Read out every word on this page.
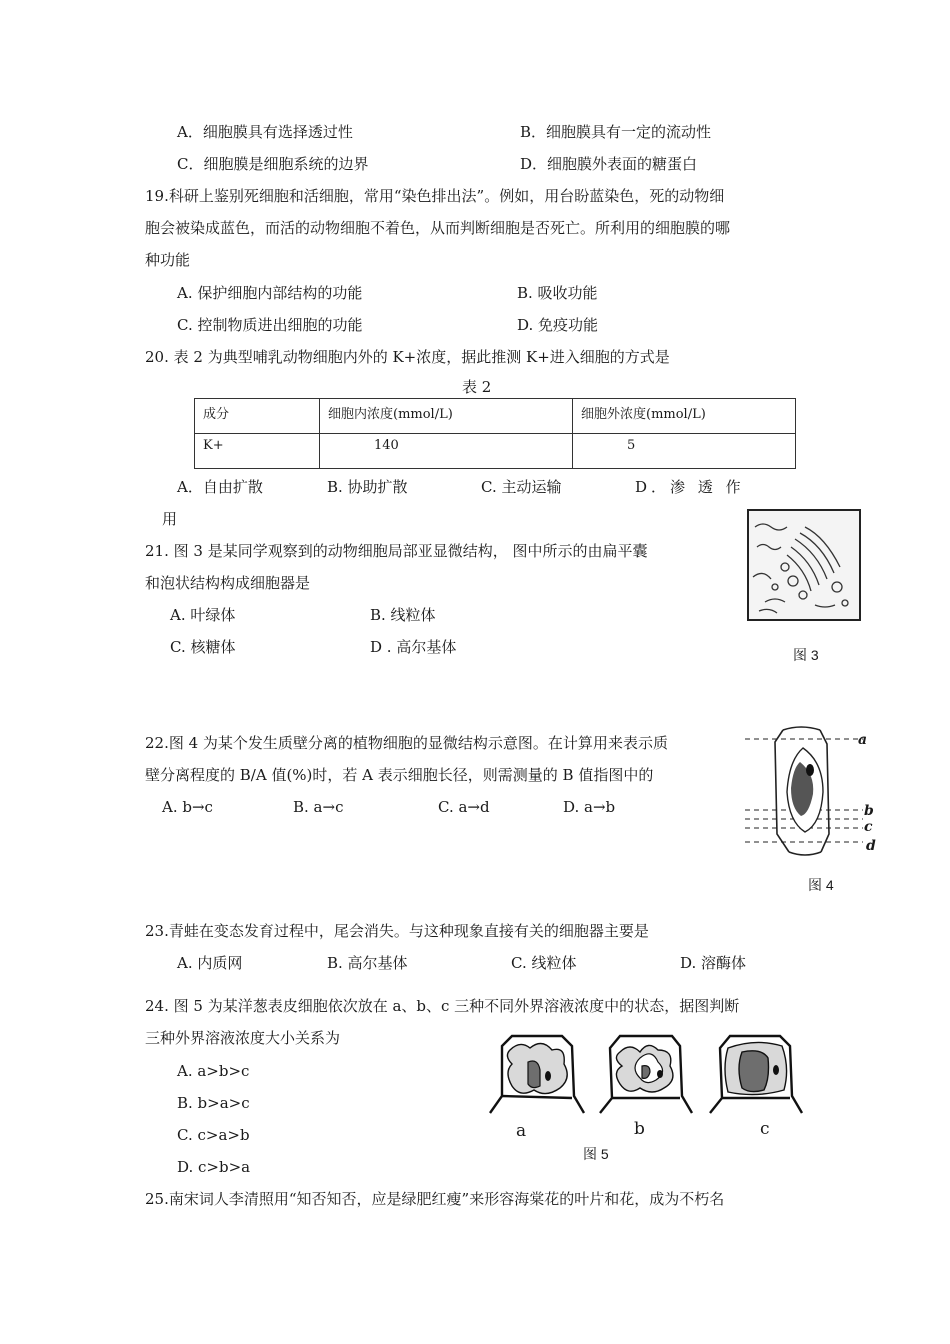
A．细胞膜具有选择透过性	B．细胞膜具有一定的流动性
C．细胞膜是细胞系统的边界	D．细胞膜外表面的糖蛋白
19.科研上鉴别死细胞和活细胞，常用“染色排出法”。例如，用台盼蓝染色，死的动物细
胞会被染成蓝色，而活的动物细胞不着色，从而判断细胞是否死亡。所利用的细胞膜的哪
种功能
A. 保护细胞内部结构的功能	B. 吸收功能
C. 控制物质进出细胞的功能	D. 免疫功能
20. 表 2 为典型哺乳动物细胞内外的 K+浓度，据此推测 K+进入细胞的方式是
表 2
成分	细胞内浓度(mmol/L)	细胞外浓度(mmol/L)
K+	140	5
A．自由扩散	B. 协助扩散	C. 主动运输	D．渗 透 作
用
21. 图 3 是某同学观察到的动物细胞局部亚显微结构， 图中所示的由扁平囊
和泡状结构构成细胞器是
A. 叶绿体	B. 线粒体
C. 核糖体	D . 高尔基体	图 3
22.图 4 为某个发生质壁分离的植物细胞的显微结构示意图。在计算用来表示质
壁分离程度的 B/A 值(%)时，若 A 表示细胞长径，则需测量的 B 值指图中的
A. b→c	B. a→c	C. a→d	D. a→b
a
b
c
d
图 4
23.青蛙在变态发育过程中，尾会消失。与这种现象直接有关的细胞器主要是
A. 内质网	B. 高尔基体	C. 线粒体	D. 溶酶体
24. 图 5 为某洋葱表皮细胞依次放在 a、b、c 三种不同外界溶液浓度中的状态，据图判断
三种外界溶液浓度大小关系为
A. a>b>c
B. b>a>c
C. c>a>b
D. c>b>a
a	b	c
图 5
25.南宋词人李清照用“知否知否，应是绿肥红瘦”来形容海棠花的叶片和花，成为不朽名
